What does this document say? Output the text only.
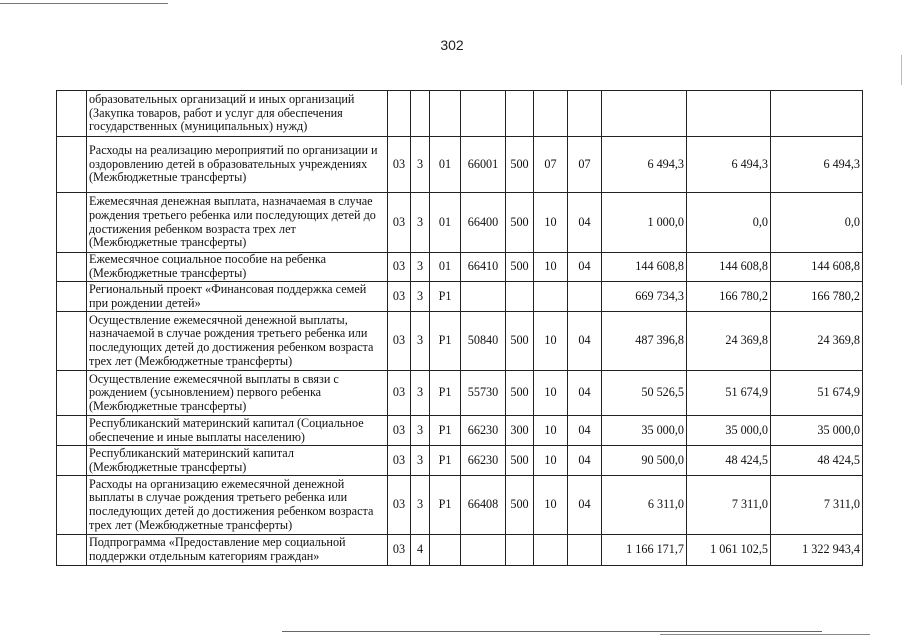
302
	образовательных организаций и иных организаций (Закупка товаров, работ и услуг для обеспечения государственных (муниципальных) нужд)										
	Расходы на реализацию мероприятий по организации и оздоровлению детей в образовательных учреждениях (Межбюджетные трансферты)	03	3	01	66001	500	07	07	6 494,3	6 494,3	6 494,3
	Ежемесячная денежная выплата, назначаемая в случае рождения третьего ребенка или последующих детей до достижения ребенком возраста трех лет (Межбюджетные трансферты)	03	3	01	66400	500	10	04	1 000,0	0,0	0,0
	Ежемесячное социальное пособие на ребенка (Межбюджетные трансферты)	03	3	01	66410	500	10	04	144 608,8	144 608,8	144 608,8
	Региональный проект «Финансовая поддержка семей при рождении детей»	03	3	P1					669 734,3	166 780,2	166 780,2
	Осуществление ежемесячной денежной выплаты, назначаемой в случае рождения третьего ребенка или последующих детей до достижения ребенком возраста трех лет (Межбюджетные трансферты)	03	3	P1	50840	500	10	04	487 396,8	24 369,8	24 369,8
	Осуществление ежемесячной выплаты в связи с рождением (усыновлением) первого ребенка (Межбюджетные трансферты)	03	3	P1	55730	500	10	04	50 526,5	51 674,9	51 674,9
	Республиканский материнский капитал (Социальное обеспечение и иные выплаты населению)	03	3	P1	66230	300	10	04	35 000,0	35 000,0	35 000,0
	Республиканский материнский капитал (Межбюджетные трансферты)	03	3	P1	66230	500	10	04	90 500,0	48 424,5	48 424,5
	Расходы на организацию ежемесячной денежной выплаты в случае рождения третьего ребенка или последующих детей до достижения ребенком возраста трех лет (Межбюджетные трансферты)	03	3	P1	66408	500	10	04	6 311,0	7 311,0	7 311,0
	Подпрограмма «Предоставление мер социальной поддержки отдельным категориям граждан»	03	4						1 166 171,7	1 061 102,5	1 322 943,4
